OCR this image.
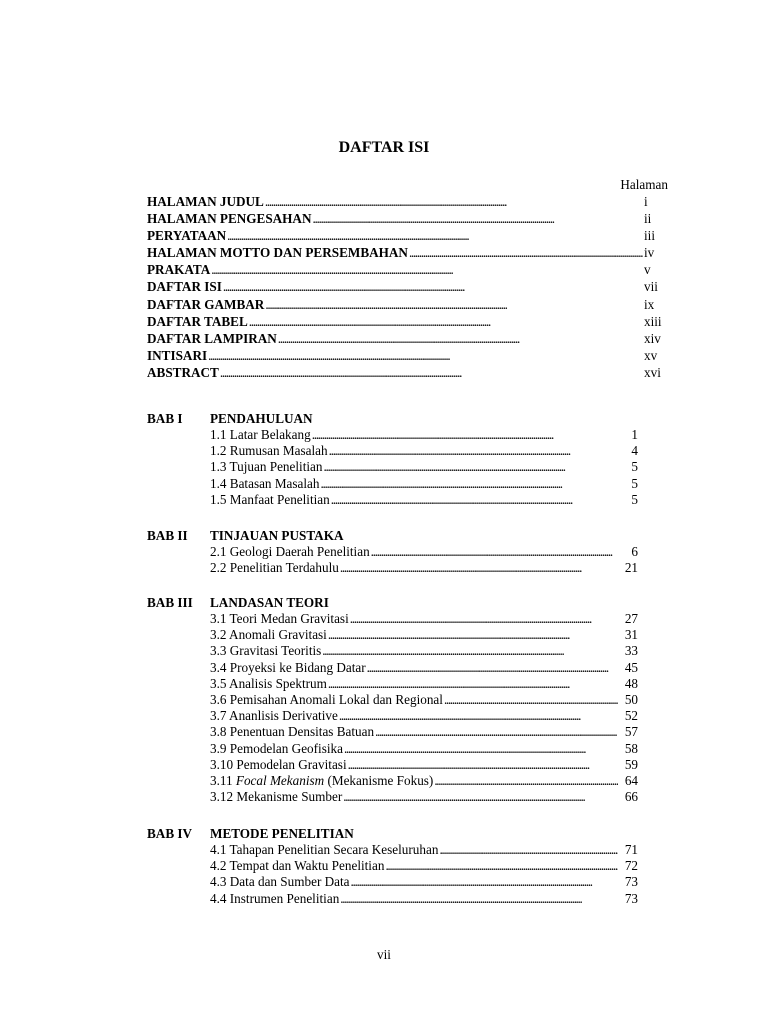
DAFTAR ISI
Halaman
HALAMAN JUDUL . . .	i
HALAMAN PENGESAHAN . . .	ii
PERYATAAN . . .	iii
HALAMAN MOTTO DAN PERSEMBAHAN . . .	iv
PRAKATA . . .	v
DAFTAR ISI . . .	vii
DAFTAR GAMBAR . . .	ix
DAFTAR TABEL . . .	xiii
DAFTAR LAMPIRAN . . .	xiv
INTISARI . . .	xv
ABSTRACT . . .	xvi
BAB I	PENDAHULUAN
1.1 Latar Belakang . . .	1
1.2 Rumusan Masalah . . .	4
1.3 Tujuan Penelitian . . .	5
1.4 Batasan Masalah . . .	5
1.5 Manfaat Penelitian . . .	5
BAB II	TINJAUAN PUSTAKA
2.1 Geologi Daerah Penelitian . . .	6
2.2 Penelitian Terdahulu . . .	21
BAB III	LANDASAN TEORI
3.1 Teori Medan Gravitasi . . .	27
3.2 Anomali Gravitasi . . .	31
3.3 Gravitasi Teoritis . . .	33
3.4 Proyeksi ke Bidang Datar . . .	45
3.5 Analisis Spektrum . . .	48
3.6 Pemisahan Anomali Lokal dan Regional . . .	50
3.7 Ananlisis Derivative . . .	52
3.8 Penentuan Densitas Batuan . . .	57
3.9 Pemodelan Geofisika . . .	58
3.10 Pemodelan Gravitasi . . .	59
3.11 Focal Mekanism (Mekanisme Fokus) . . .	64
3.12 Mekanisme Sumber . . .	66
BAB IV	METODE PENELITIAN
4.1 Tahapan Penelitian Secara Keseluruhan . . .	71
4.2 Tempat dan Waktu Penelitian . . .	72
4.3 Data dan Sumber Data . . .	73
4.4 Instrumen Penelitian . . .	73
vii
